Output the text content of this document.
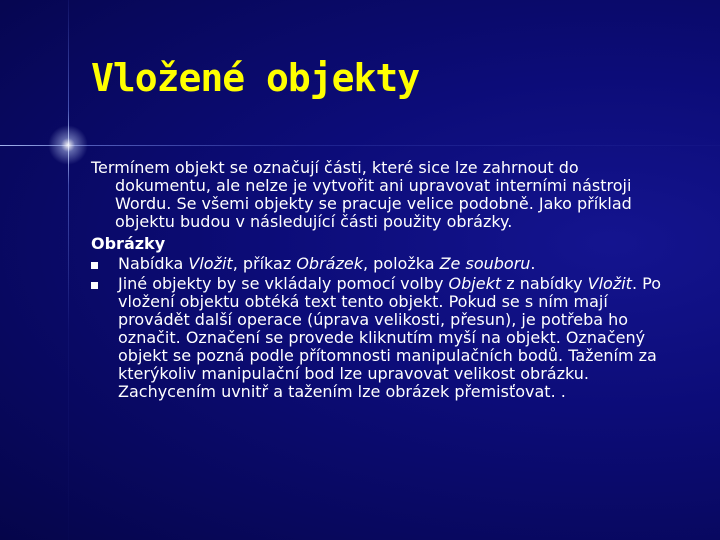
Vložené objekty

Termínem objekt se označují části, které sice lze zahrnout do dokumentu, ale nelze je vytvořit ani upravovat interními nástroji Wordu. Se všemi objekty se pracuje velice podobně. Jako příklad objektu budou v následující části použity obrázky.

Obrázky

Nabídka Vložit, příkaz Obrázek, položka Ze souboru.
Jiné objekty by se vkládaly pomocí volby Objekt z nabídky Vložit. Po vložení objektu obtéká text tento objekt. Pokud se s ním mají provádět další operace (úprava velikosti, přesun), je potřeba ho označit. Označení se provede kliknutím myší na objekt. Označený objekt se pozná podle přítomnosti manipulačních bodů. Tažením za kterýkoliv manipulační bod lze upravovat velikost obrázku. Zachycením uvnitř a tažením lze obrázek přemisťovat. .
